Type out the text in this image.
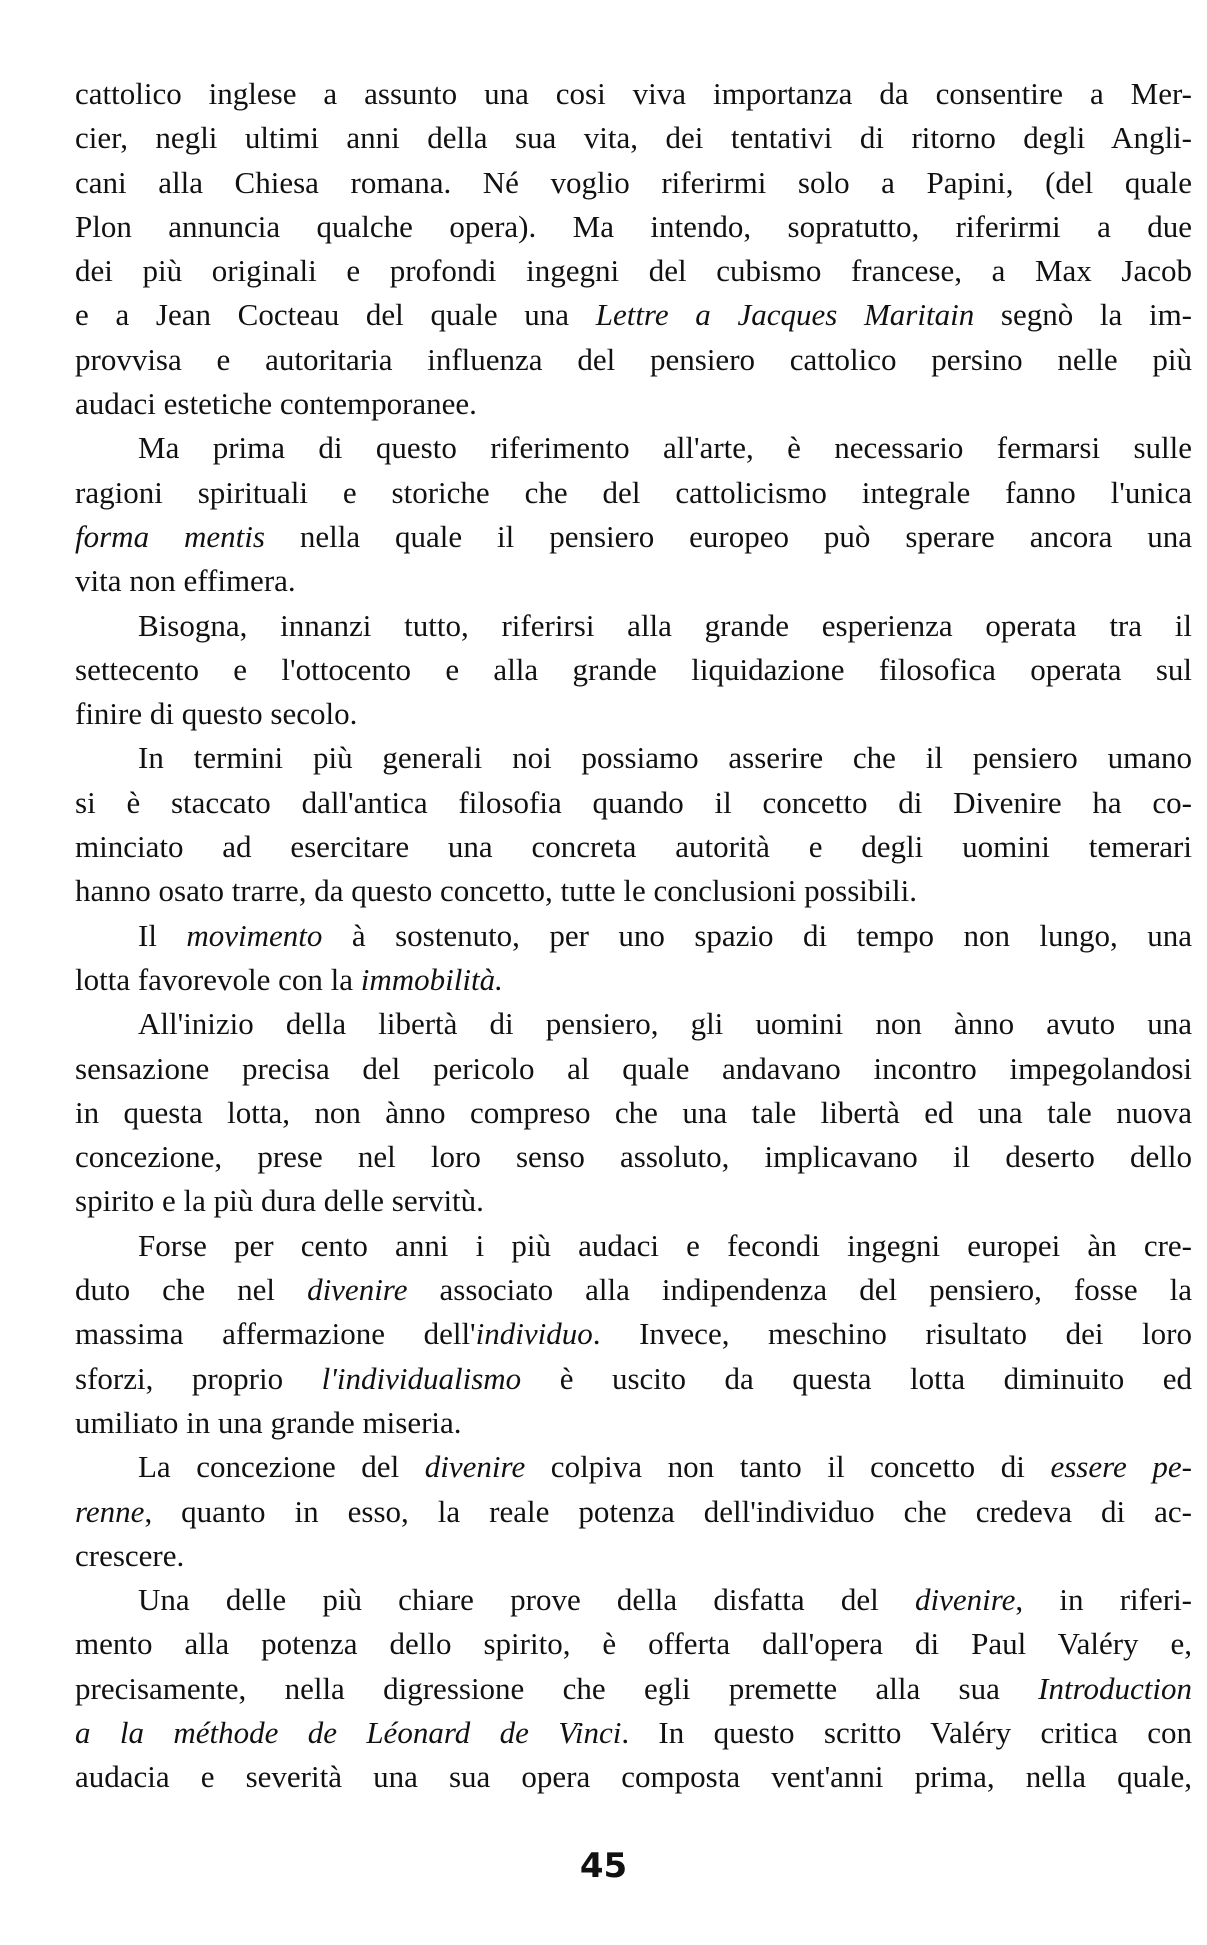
cattolico inglese a assunto una cosi viva importanza da consentire a Mer-
cier, negli ultimi anni della sua vita, dei tentativi di ritorno degli Angli-
cani alla Chiesa romana. Né voglio riferirmi solo a Papini, (del quale
Plon annuncia qualche opera). Ma intendo, sopratutto, riferirmi a due
dei più originali e profondi ingegni del cubismo francese, a Max Jacob
e a Jean Cocteau del quale una Lettre a Jacques Maritain segnò la im-
provvisa e autoritaria influenza del pensiero cattolico persino nelle più
audaci estetiche contemporanee.
Ma prima di questo riferimento all'arte, è necessario fermarsi sulle
ragioni spirituali e storiche che del cattolicismo integrale fanno l'unica
forma mentis nella quale il pensiero europeo può sperare ancora una
vita non effimera.
Bisogna, innanzi tutto, riferirsi alla grande esperienza operata tra il
settecento e l'ottocento e alla grande liquidazione filosofica operata sul
finire di questo secolo.
In termini più generali noi possiamo asserire che il pensiero umano
si è staccato dall'antica filosofia quando il concetto di Divenire ha co-
minciato ad esercitare una concreta autorità e degli uomini temerari
hanno osato trarre, da questo concetto, tutte le conclusioni possibili.
Il movimento à sostenuto, per uno spazio di tempo non lungo, una
lotta favorevole con la immobilità.
All'inizio della libertà di pensiero, gli uomini non ànno avuto una
sensazione precisa del pericolo al quale andavano incontro impegolandosi
in questa lotta, non ànno compreso che una tale libertà ed una tale nuova
concezione, prese nel loro senso assoluto, implicavano il deserto dello
spirito e la più dura delle servitù.
Forse per cento anni i più audaci e fecondi ingegni europei àn cre-
duto che nel divenire associato alla indipendenza del pensiero, fosse la
massima affermazione dell'individuo. Invece, meschino risultato dei loro
sforzi, proprio l'individualismo è uscito da questa lotta diminuito ed
umiliato in una grande miseria.
La concezione del divenire colpiva non tanto il concetto di essere pe-
renne, quanto in esso, la reale potenza dell'individuo che credeva di ac-
crescere.
Una delle più chiare prove della disfatta del divenire, in riferi-
mento alla potenza dello spirito, è offerta dall'opera di Paul Valéry e,
precisamente, nella digressione che egli premette alla sua Introduction
a la méthode de Léonard de Vinci. In questo scritto Valéry critica con
audacia e severità una sua opera composta vent'anni prima, nella quale,
45
